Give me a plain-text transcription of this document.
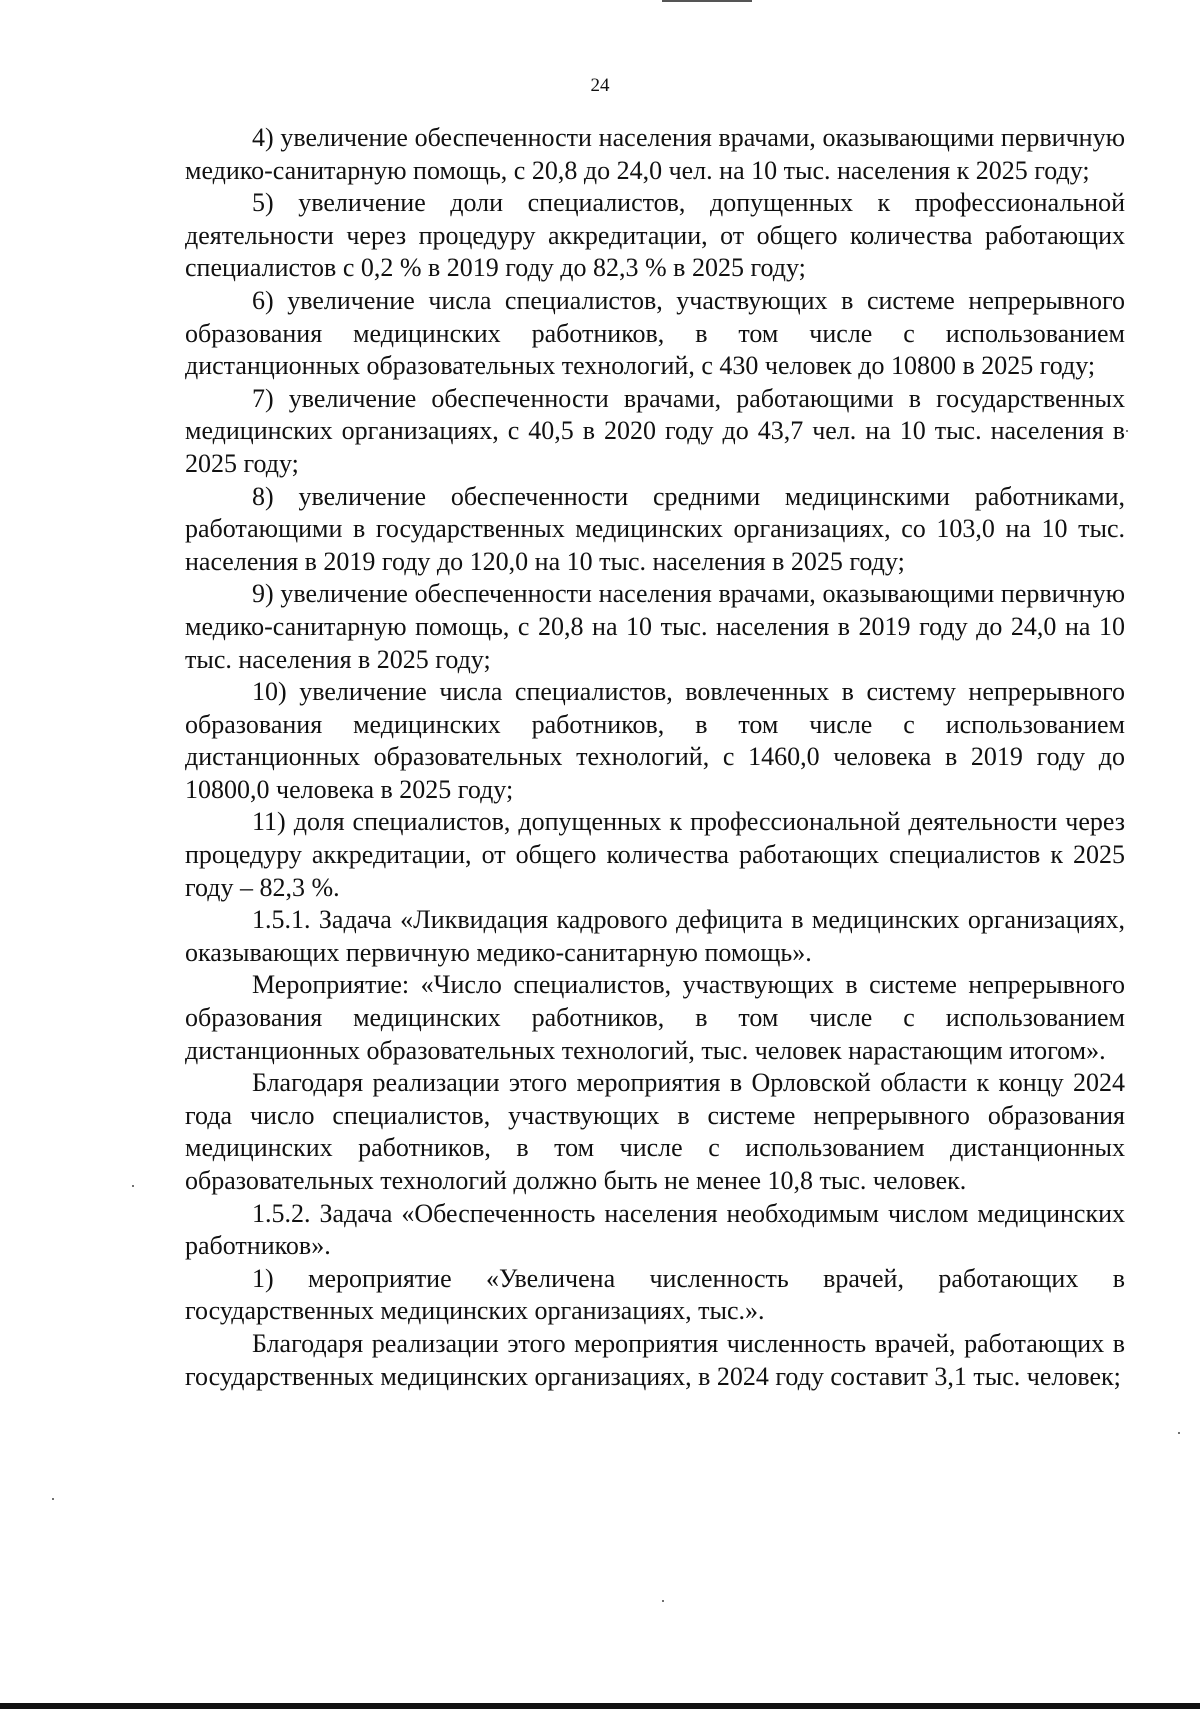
24

4) увеличение обеспеченности населения врачами, оказывающими первичную медико-санитарную помощь, с 20,8 до 24,0 чел. на 10 тыс. населения к 2025 году;

5) увеличение доли специалистов, допущенных к профессиональной деятельности через процедуру аккредитации, от общего количества работающих специалистов с 0,2 % в 2019 году до 82,3 % в 2025 году;

6) увеличение числа специалистов, участвующих в системе непрерывного образования медицинских работников, в том числе с использованием дистанционных образовательных технологий, с 430 человек до 10800 в 2025 году;

7) увеличение обеспеченности врачами, работающими в государственных медицинских организациях, с 40,5 в 2020 году до 43,7 чел. на 10 тыс. населения в 2025 году;

8) увеличение обеспеченности средними медицинскими работниками, работающими в государственных медицинских организациях, со 103,0 на 10 тыс. населения в 2019 году до 120,0 на 10 тыс. населения в 2025 году;

9) увеличение обеспеченности населения врачами, оказывающими первичную медико-санитарную помощь, с 20,8 на 10 тыс. населения в 2019 году до 24,0 на 10 тыс. населения в 2025 году;

10) увеличение числа специалистов, вовлеченных в систему непрерывного образования медицинских работников, в том числе с использованием дистанционных образовательных технологий, с 1460,0 человека в 2019 году до 10800,0 человека в 2025 году;

11) доля специалистов, допущенных к профессиональной деятельности через процедуру аккредитации, от общего количества работающих специалистов к 2025 году – 82,3 %.

1.5.1. Задача «Ликвидация кадрового дефицита в медицинских организациях, оказывающих первичную медико-санитарную помощь».

Мероприятие: «Число специалистов, участвующих в системе непрерывного образования медицинских работников, в том числе с использованием дистанционных образовательных технологий, тыс. человек нарастающим итогом».

Благодаря реализации этого мероприятия в Орловской области к концу 2024 года число специалистов, участвующих в системе непрерывного образования медицинских работников, в том числе с использованием дистанционных образовательных технологий должно быть не менее 10,8 тыс. человек.

1.5.2. Задача «Обеспеченность населения необходимым числом медицинских работников».

1) мероприятие «Увеличена численность врачей, работающих в государственных медицинских организациях, тыс.».

Благодаря реализации этого мероприятия численность врачей, работающих в государственных медицинских организациях, в 2024 году составит 3,1 тыс. человек;
